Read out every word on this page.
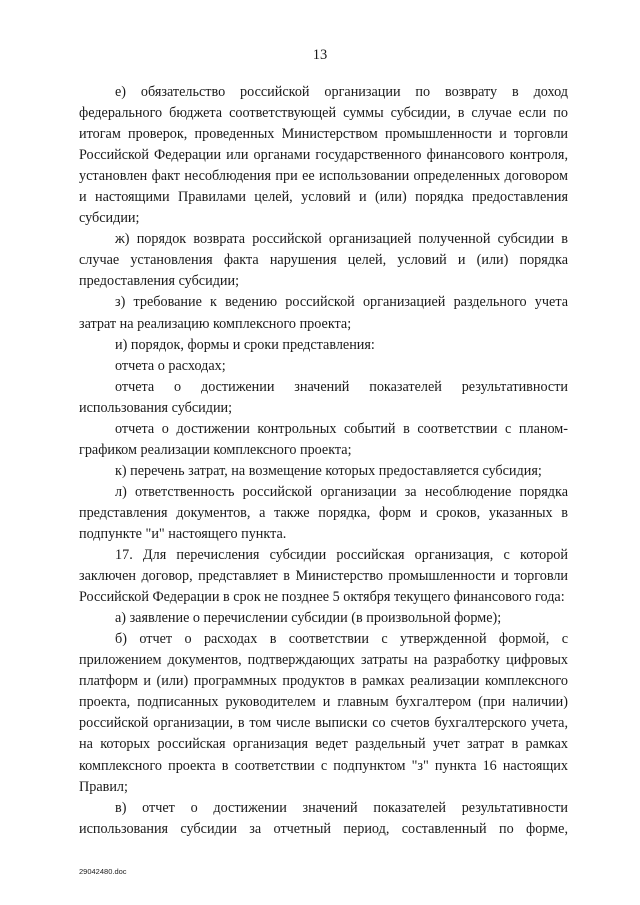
13

е) обязательство российской организации по возврату в доход федерального бюджета соответствующей суммы субсидии, в случае если по итогам проверок, проведенных Министерством промышленности и торговли Российской Федерации или органами государственного финансового контроля, установлен факт несоблюдения при ее использовании определенных договором и настоящими Правилами целей, условий и (или) порядка предоставления субсидии;

ж) порядок возврата российской организацией полученной субсидии в случае установления факта нарушения целей, условий и (или) порядка предоставления субсидии;

з) требование к ведению российской организацией раздельного учета затрат на реализацию комплексного проекта;

и) порядок, формы и сроки представления:

отчета о расходах;

отчета о достижении значений показателей результативности использования субсидии;

отчета о достижении контрольных событий в соответствии с планом-графиком реализации комплексного проекта;

к) перечень затрат, на возмещение которых предоставляется субсидия;

л) ответственность российской организации за несоблюдение порядка представления документов, а также порядка, форм и сроков, указанных в подпункте "и" настоящего пункта.

17. Для перечисления субсидии российская организация, с которой заключен договор, представляет в Министерство промышленности и торговли Российской Федерации в срок не позднее 5 октября текущего финансового года:

а) заявление о перечислении субсидии (в произвольной форме);

б) отчет о расходах в соответствии с утвержденной формой, с приложением документов, подтверждающих затраты на разработку цифровых платформ и (или) программных продуктов в рамках реализации комплексного проекта, подписанных руководителем и главным бухгалтером (при наличии) российской организации, в том числе выписки со счетов бухгалтерского учета, на которых российская организация ведет раздельный учет затрат в рамках комплексного проекта в соответствии с подпунктом "з" пункта 16 настоящих Правил;

в) отчет о достижении значений показателей результативности использования субсидии за отчетный период, составленный по форме,

29042480.doc
